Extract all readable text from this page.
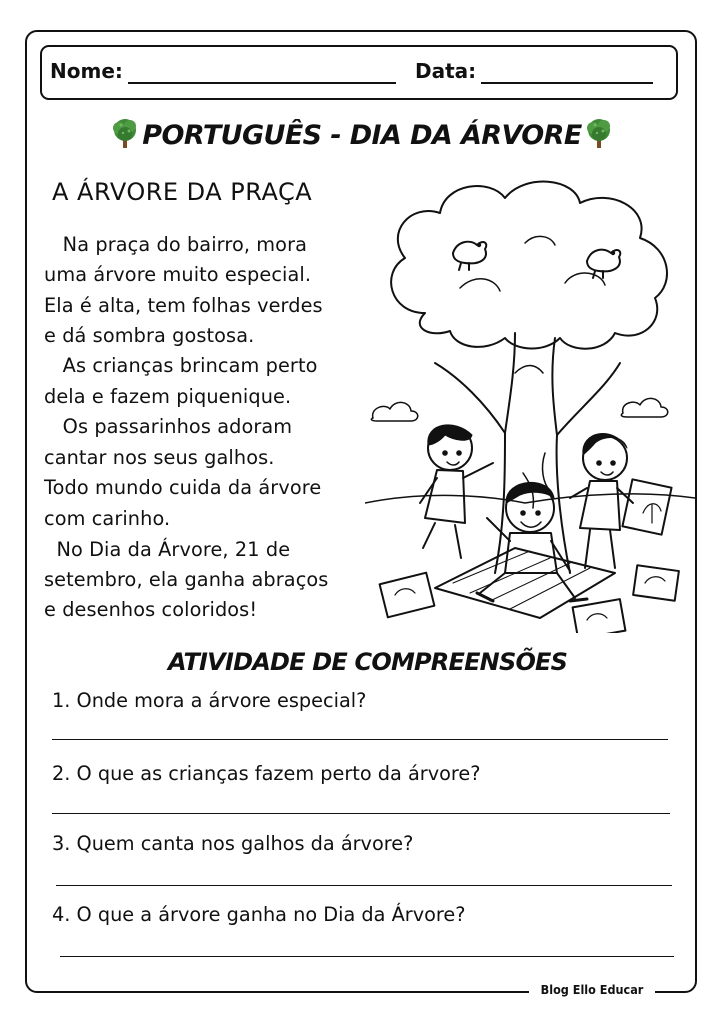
Nome:	Data:
PORTUGUÊS - DIA DA ÁRVORE
A ÁRVORE DA PRAÇA
Na praça do bairro, mora
uma árvore muito especial.
Ela é alta, tem folhas verdes
e dá sombra gostosa.
As crianças brincam perto
dela e fazem piquenique.
Os passarinhos adoram
cantar nos seus galhos.
Todo mundo cuida da árvore
com carinho.
No Dia da Árvore, 21 de
setembro, ela ganha abraços
e desenhos coloridos!
ATIVIDADE DE COMPREENSÕES
1. Onde mora a árvore especial?
2. O que as crianças fazem perto da árvore?
3. Quem canta nos galhos da árvore?
4. O que a árvore ganha no Dia da Árvore?
Blog Ello Educar
